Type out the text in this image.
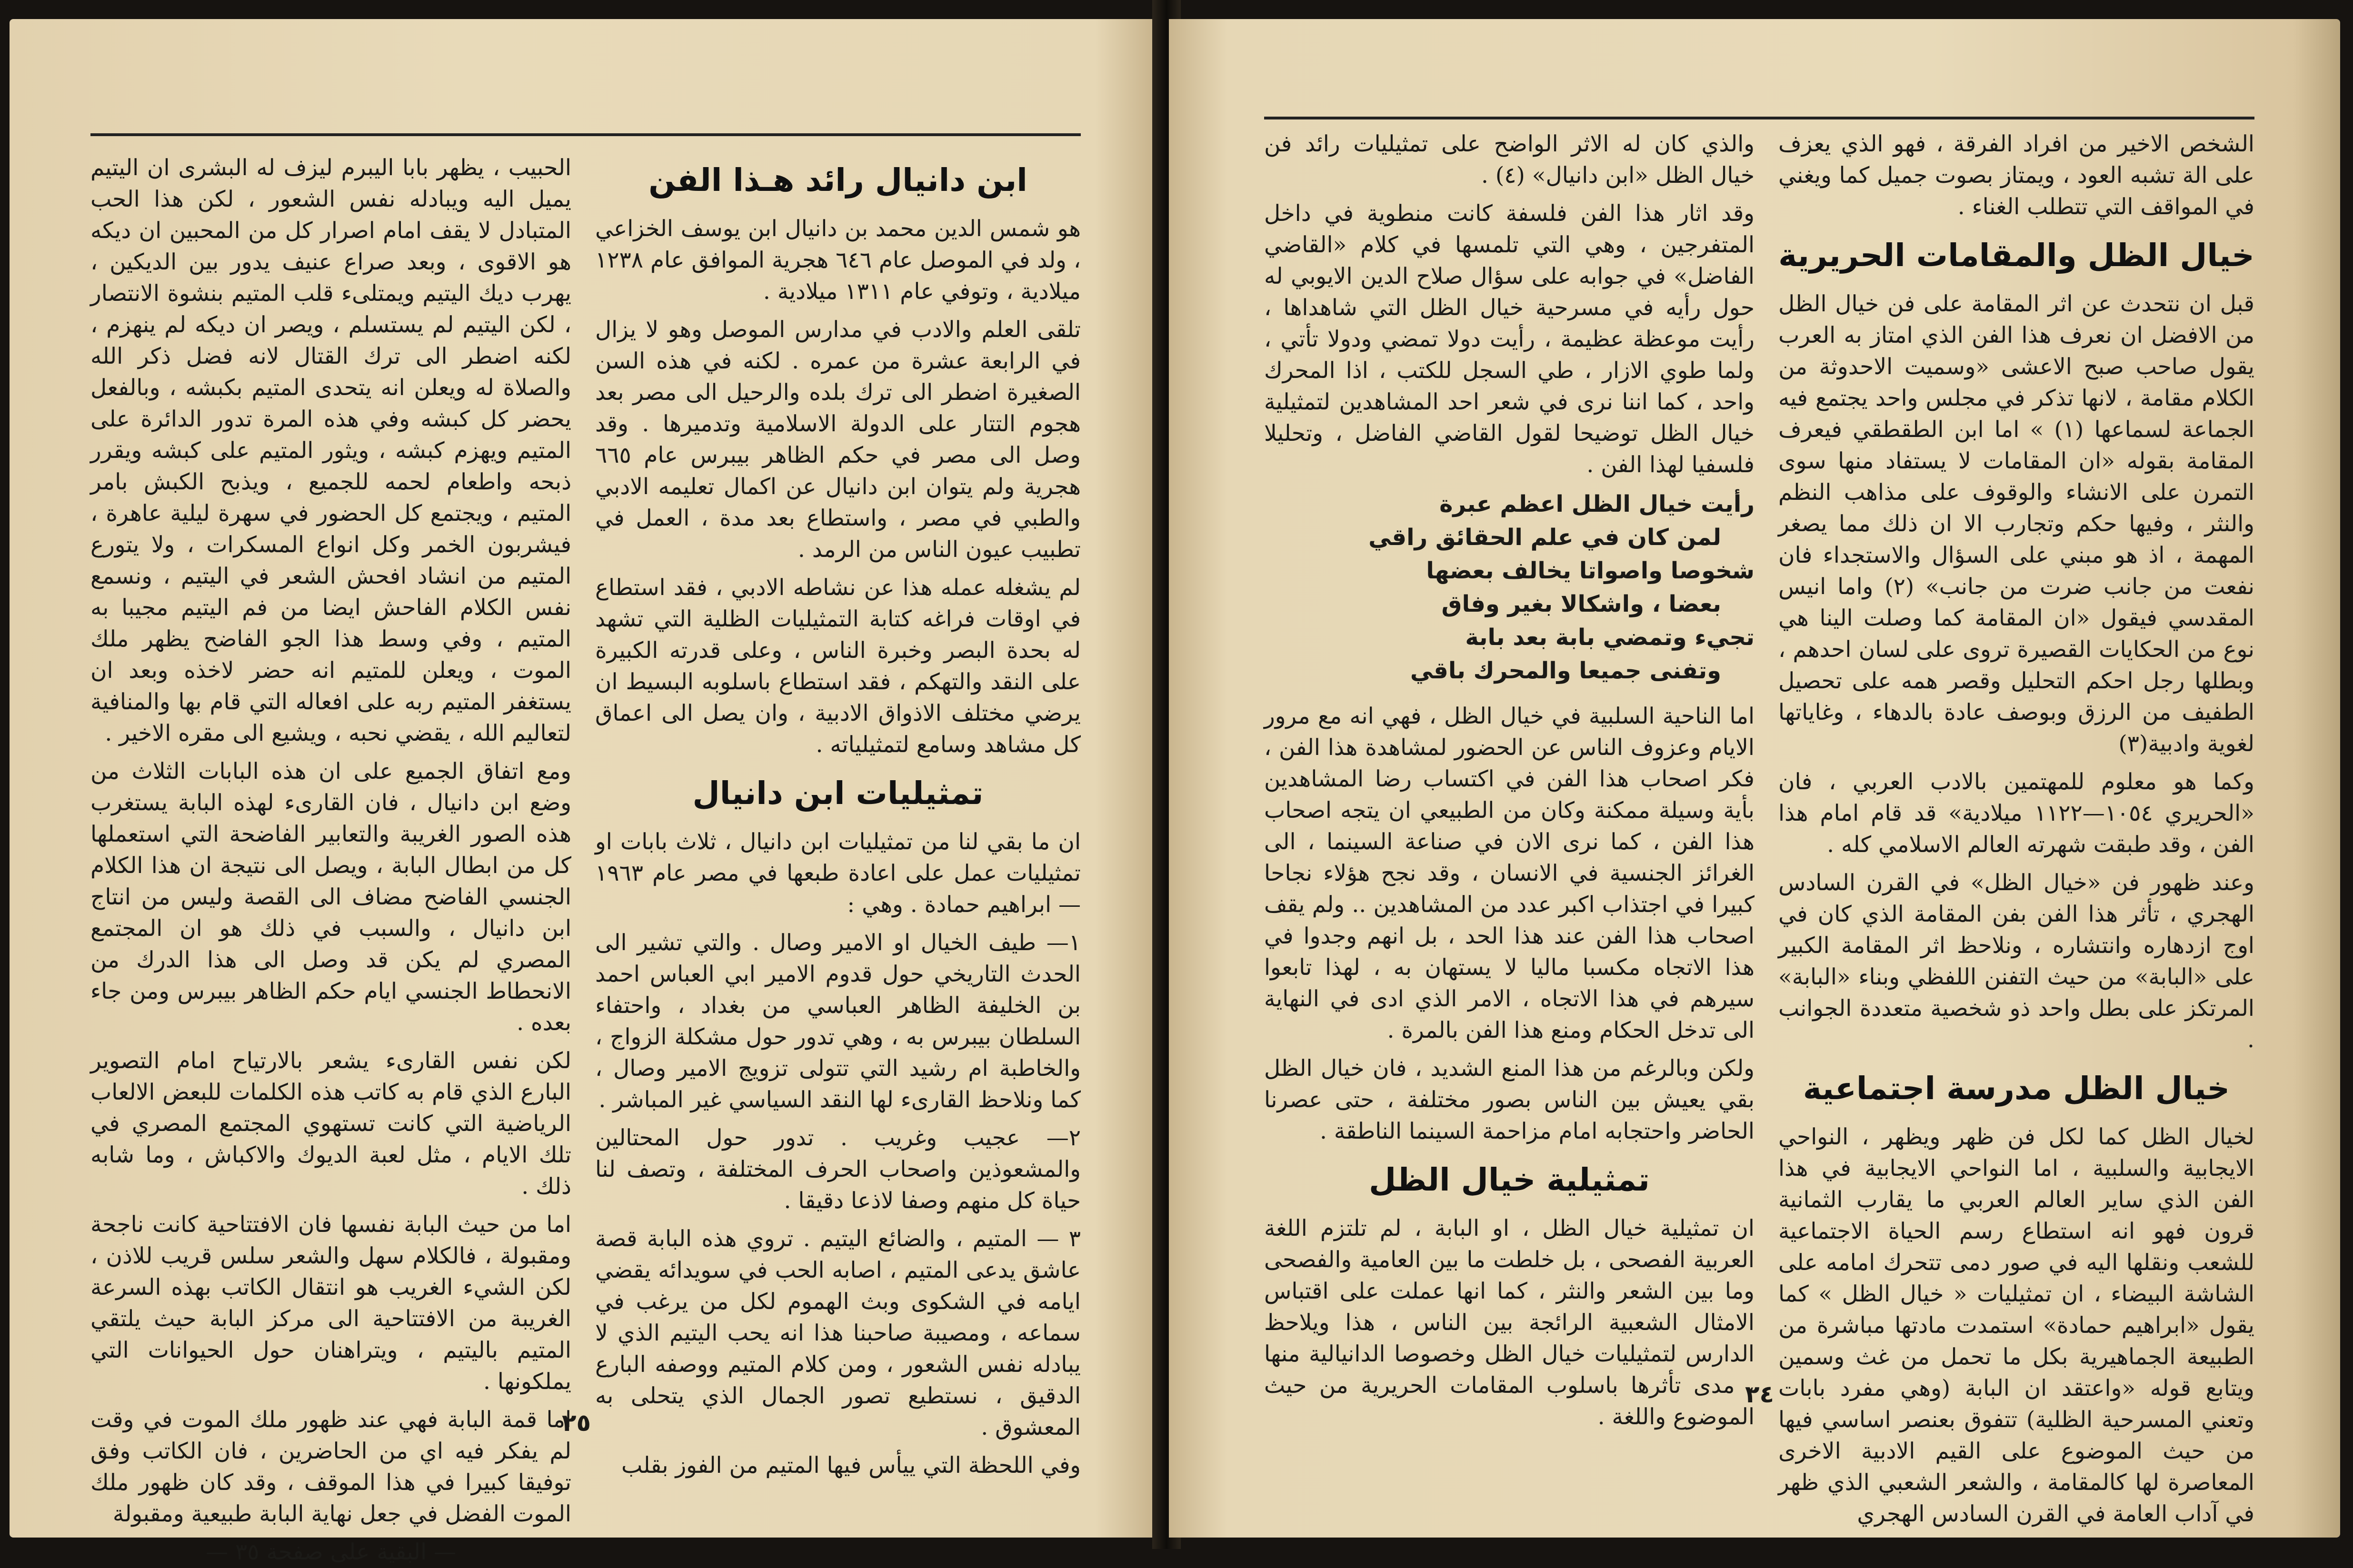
ابن دانيال رائد هـذا الفن

هو شمس الدين محمد بن دانيال ابن يوسف الخزاعي ، ولد في الموصل عام ٦٤٦ هجرية الموافق عام ١٢٣٨ ميلادية ، وتوفي عام ١٣١١ ميلادية .

تلقى العلم والادب في مدارس الموصل وهو لا يزال في الرابعة عشرة من عمره . لكنه في هذه السن الصغيرة اضطر الى ترك بلده والرحيل الى مصر بعد هجوم التتار على الدولة الاسلامية وتدميرها . وقد وصل الى مصر في حكم الظاهر بيبرس عام ٦٦٥ هجرية ولم يتوان ابن دانيال عن اكمال تعليمه الادبي والطبي في مصر ، واستطاع بعد مدة ، العمل في تطبيب عيون الناس من الرمد .

لم يشغله عمله هذا عن نشاطه الادبي ، فقد استطاع في اوقات فراغه كتابة التمثيليات الظلية التي تشهد له بحدة البصر وخبرة الناس ، وعلى قدرته الكبيرة على النقد والتهكم ، فقد استطاع باسلوبه البسيط ان يرضي مختلف الاذواق الادبية ، وان يصل الى اعماق كل مشاهد وسامع لتمثيلياته .

تمثيليات ابن دانيال

ان ما بقي لنا من تمثيليات ابن دانيال ، ثلاث بابات او تمثيليات عمل على اعادة طبعها في مصر عام ١٩٦٣ — ابراهيم حمادة . وهي :

١— طيف الخيال او الامير وصال . والتي تشير الى الحدث التاريخي حول قدوم الامير ابي العباس احمد بن الخليفة الظاهر العباسي من بغداد ، واحتفاء السلطان بيبرس به ، وهي تدور حول مشكلة الزواج ، والخاطبة ام رشيد التي تتولى تزويج الامير وصال ، كما ونلاحظ القارىء لها النقد السياسي غير المباشر .

٢— عجيب وغريب . تدور حول المحتالين والمشعوذين واصحاب الحرف المختلفة ، وتصف لنا حياة كل منهم وصفا لاذعا دقيقا .

٣ — المتيم ، والضائع اليتيم . تروي هذه البابة قصة عاشق يدعى المتيم ، اصابه الحب في سويدائه يقضي ايامه في الشكوى وبث الهموم لكل من يرغب في سماعه ، ومصيبة صاحبنا هذا انه يحب اليتيم الذي لا يبادله نفس الشعور ، ومن كلام المتيم ووصفه البارع الدقيق ، نستطيع تصور الجمال الذي يتحلى به المعشوق .

وفي اللحظة التي ييأس فيها المتيم من الفوز بقلب

الحبيب ، يظهر بابا اليبرم ليزف له البشرى ان اليتيم يميل اليه ويبادله نفس الشعور ، لكن هذا الحب المتبادل لا يقف امام اصرار كل من المحبين ان ديكه هو الاقوى ، وبعد صراع عنيف يدور بين الديكين ، يهرب ديك اليتيم ويمتلىء قلب المتيم بنشوة الانتصار ، لكن اليتيم لم يستسلم ، ويصر ان ديكه لم ينهزم ، لكنه اضطر الى ترك القتال لانه فضل ذكر الله والصلاة له ويعلن انه يتحدى المتيم بكبشه ، وبالفعل يحضر كل كبشه وفي هذه المرة تدور الدائرة على المتيم ويهزم كبشه ، ويثور المتيم على كبشه ويقرر ذبحه واطعام لحمه للجميع ، ويذبح الكبش بامر المتيم ، ويجتمع كل الحضور في سهرة ليلية عاهرة ، فيشربون الخمر وكل انواع المسكرات ، ولا يتورع المتيم من انشاد افحش الشعر في اليتيم ، ونسمع نفس الكلام الفاحش ايضا من فم اليتيم مجيبا به المتيم ، وفي وسط هذا الجو الفاضح يظهر ملك الموت ، ويعلن للمتيم انه حضر لاخذه وبعد ان يستغفر المتيم ربه على افعاله التي قام بها والمنافية لتعاليم الله ، يقضي نحبه ، ويشيع الى مقره الاخير .

ومع اتفاق الجميع على ان هذه البابات الثلاث من وضع ابن دانيال ، فان القارىء لهذه البابة يستغرب هذه الصور الغريبة والتعابير الفاضحة التي استعملها كل من ابطال البابة ، ويصل الى نتيجة ان هذا الكلام الجنسي الفاضح مضاف الى القصة وليس من انتاج ابن دانيال ، والسبب في ذلك هو ان المجتمع المصري لم يكن قد وصل الى هذا الدرك من الانحطاط الجنسي ايام حكم الظاهر بيبرس ومن جاء بعده .

لكن نفس القارىء يشعر بالارتياح امام التصوير البارع الذي قام به كاتب هذه الكلمات للبعض الالعاب الرياضية التي كانت تستهوي المجتمع المصري في تلك الايام ، مثل لعبة الديوك والاكباش ، وما شابه ذلك .

اما من حيث البابة نفسها فان الافتتاحية كانت ناجحة ومقبولة ، فالكلام سهل والشعر سلس قريب للاذن ، لكن الشيء الغريب هو انتقال الكاتب بهذه السرعة الغريبة من الافتتاحية الى مركز البابة حيث يلتقي المتيم باليتيم ، ويتراهنان حول الحيوانات التي يملكونها .

اما قمة البابة فهي عند ظهور ملك الموت في وقت لم يفكر فيه اي من الحاضرين ، فان الكاتب وفق توفيقا كبيرا في هذا الموقف ، وقد كان ظهور ملك الموت الفضل في جعل نهاية البابة طبيعية ومقبولة

— البقية على صفحة ٣٥ —

٢٥

الشخص الاخير من افراد الفرقة ، فهو الذي يعزف على الة تشبه العود ، ويمتاز بصوت جميل كما ويغني في المواقف التي تتطلب الغناء .

خيال الظل والمقامات الحريرية

قبل ان نتحدث عن اثر المقامة على فن خيال الظل من الافضل ان نعرف هذا الفن الذي امتاز به العرب يقول صاحب صبح الاعشى «وسميت الاحدوثة من الكلام مقامة ، لانها تذكر في مجلس واحد يجتمع فيه الجماعة لسماعها (١) » اما ابن الطقطقي فيعرف المقامة بقوله «ان المقامات لا يستفاد منها سوى التمرن على الانشاء والوقوف على مذاهب النظم والنثر ، وفيها حكم وتجارب الا ان ذلك مما يصغر المهمة ، اذ هو مبني على السؤال والاستجداء فان نفعت من جانب ضرت من جانب» (٢) واما انيس المقدسي فيقول «ان المقامة كما وصلت الينا هي نوع من الحكايات القصيرة تروى على لسان احدهم ، وبطلها رجل احكم التحليل وقصر همه على تحصيل الطفيف من الرزق وبوصف عادة بالدهاء ، وغاياتها لغوية وادبية(٣)

وكما هو معلوم للمهتمين بالادب العربي ، فان «الحريري ١٠٥٤—١١٢٢ ميلادية» قد قام امام هذا الفن ، وقد طبقت شهرته العالم الاسلامي كله .

وعند ظهور فن «خيال الظل» في القرن السادس الهجري ، تأثر هذا الفن بفن المقامة الذي كان في اوج ازدهاره وانتشاره ، ونلاحظ اثر المقامة الكبير على «البابة» من حيث التفنن اللفظي وبناء «البابة» المرتكز على بطل واحد ذو شخصية متعددة الجوانب .

خيال الظل مدرسة اجتماعية

لخيال الظل كما لكل فن ظهر ويظهر ، النواحي الايجابية والسلبية ، اما النواحي الايجابية في هذا الفن الذي ساير العالم العربي ما يقارب الثمانية قرون فهو انه استطاع رسم الحياة الاجتماعية للشعب ونقلها اليه في صور دمى تتحرك امامه على الشاشة البيضاء ، ان تمثيليات « خيال الظل » كما يقول «ابراهيم حمادة» استمدت مادتها مباشرة من الطبيعة الجماهيرية بكل ما تحمل من غث وسمين ويتابع قوله «واعتقد ان البابة (وهي مفرد بابات وتعني المسرحية الظلية) تتفوق بعنصر اساسي فيها من حيث الموضوع على القيم الادبية الاخرى المعاصرة لها كالمقامة ، والشعر الشعبي الذي ظهر في آداب العامة في القرن السادس الهجري

والذي كان له الاثر الواضح على تمثيليات رائد فن خيال الظل «ابن دانيال» (٤) .

وقد اثار هذا الفن فلسفة كانت منطوية في داخل المتفرجين ، وهي التي تلمسها في كلام «القاضي الفاضل» في جوابه على سؤال صلاح الدين الايوبي له حول رأيه في مسرحية خيال الظل التي شاهداها ، رأيت موعظة عظيمة ، رأيت دولا تمضي ودولا تأتي ، ولما طوي الازار ، طي السجل للكتب ، اذا المحرك واحد ، كما اننا نرى في شعر احد المشاهدين لتمثيلية خيال الظل توضيحا لقول القاضي الفاضل ، وتحليلا فلسفيا لهذا الفن .

رأيت خيال الظل اعظم عبرة
لمن كان في علم الحقائق راقي
شخوصا واصواتا يخالف بعضها
بعضا ، واشكالا بغير وفاق
تجيء وتمضي بابة بعد بابة
وتفنى جميعا والمحرك باقي

اما الناحية السلبية في خيال الظل ، فهي انه مع مرور الايام وعزوف الناس عن الحضور لمشاهدة هذا الفن ، فكر اصحاب هذا الفن في اكتساب رضا المشاهدين بأية وسيلة ممكنة وكان من الطبيعي ان يتجه اصحاب هذا الفن ، كما نرى الان في صناعة السينما ، الى الغرائز الجنسية في الانسان ، وقد نجح هؤلاء نجاحا كبيرا في اجتذاب اكبر عدد من المشاهدين .. ولم يقف اصحاب هذا الفن عند هذا الحد ، بل انهم وجدوا في هذا الاتجاه مكسبا ماليا لا يستهان به ، لهذا تابعوا سيرهم في هذا الاتجاه ، الامر الذي ادى في النهاية الى تدخل الحكام ومنع هذا الفن بالمرة .

ولكن وبالرغم من هذا المنع الشديد ، فان خيال الظل بقي يعيش بين الناس بصور مختلفة ، حتى عصرنا الحاضر واحتجابه امام مزاحمة السينما الناطقة .

تمثيلية خيال الظل

ان تمثيلية خيال الظل ، او البابة ، لم تلتزم اللغة العربية الفصحى ، بل خلطت ما بين العامية والفصحى وما بين الشعر والنثر ، كما انها عملت على اقتباس الامثال الشعبية الرائجة بين الناس ، هذا ويلاحظ الدارس لتمثيليات خيال الظل وخصوصا الدانيالية منها ، مدى تأثرها باسلوب المقامات الحريرية من حيث الموضوع واللغة .

٢٤
